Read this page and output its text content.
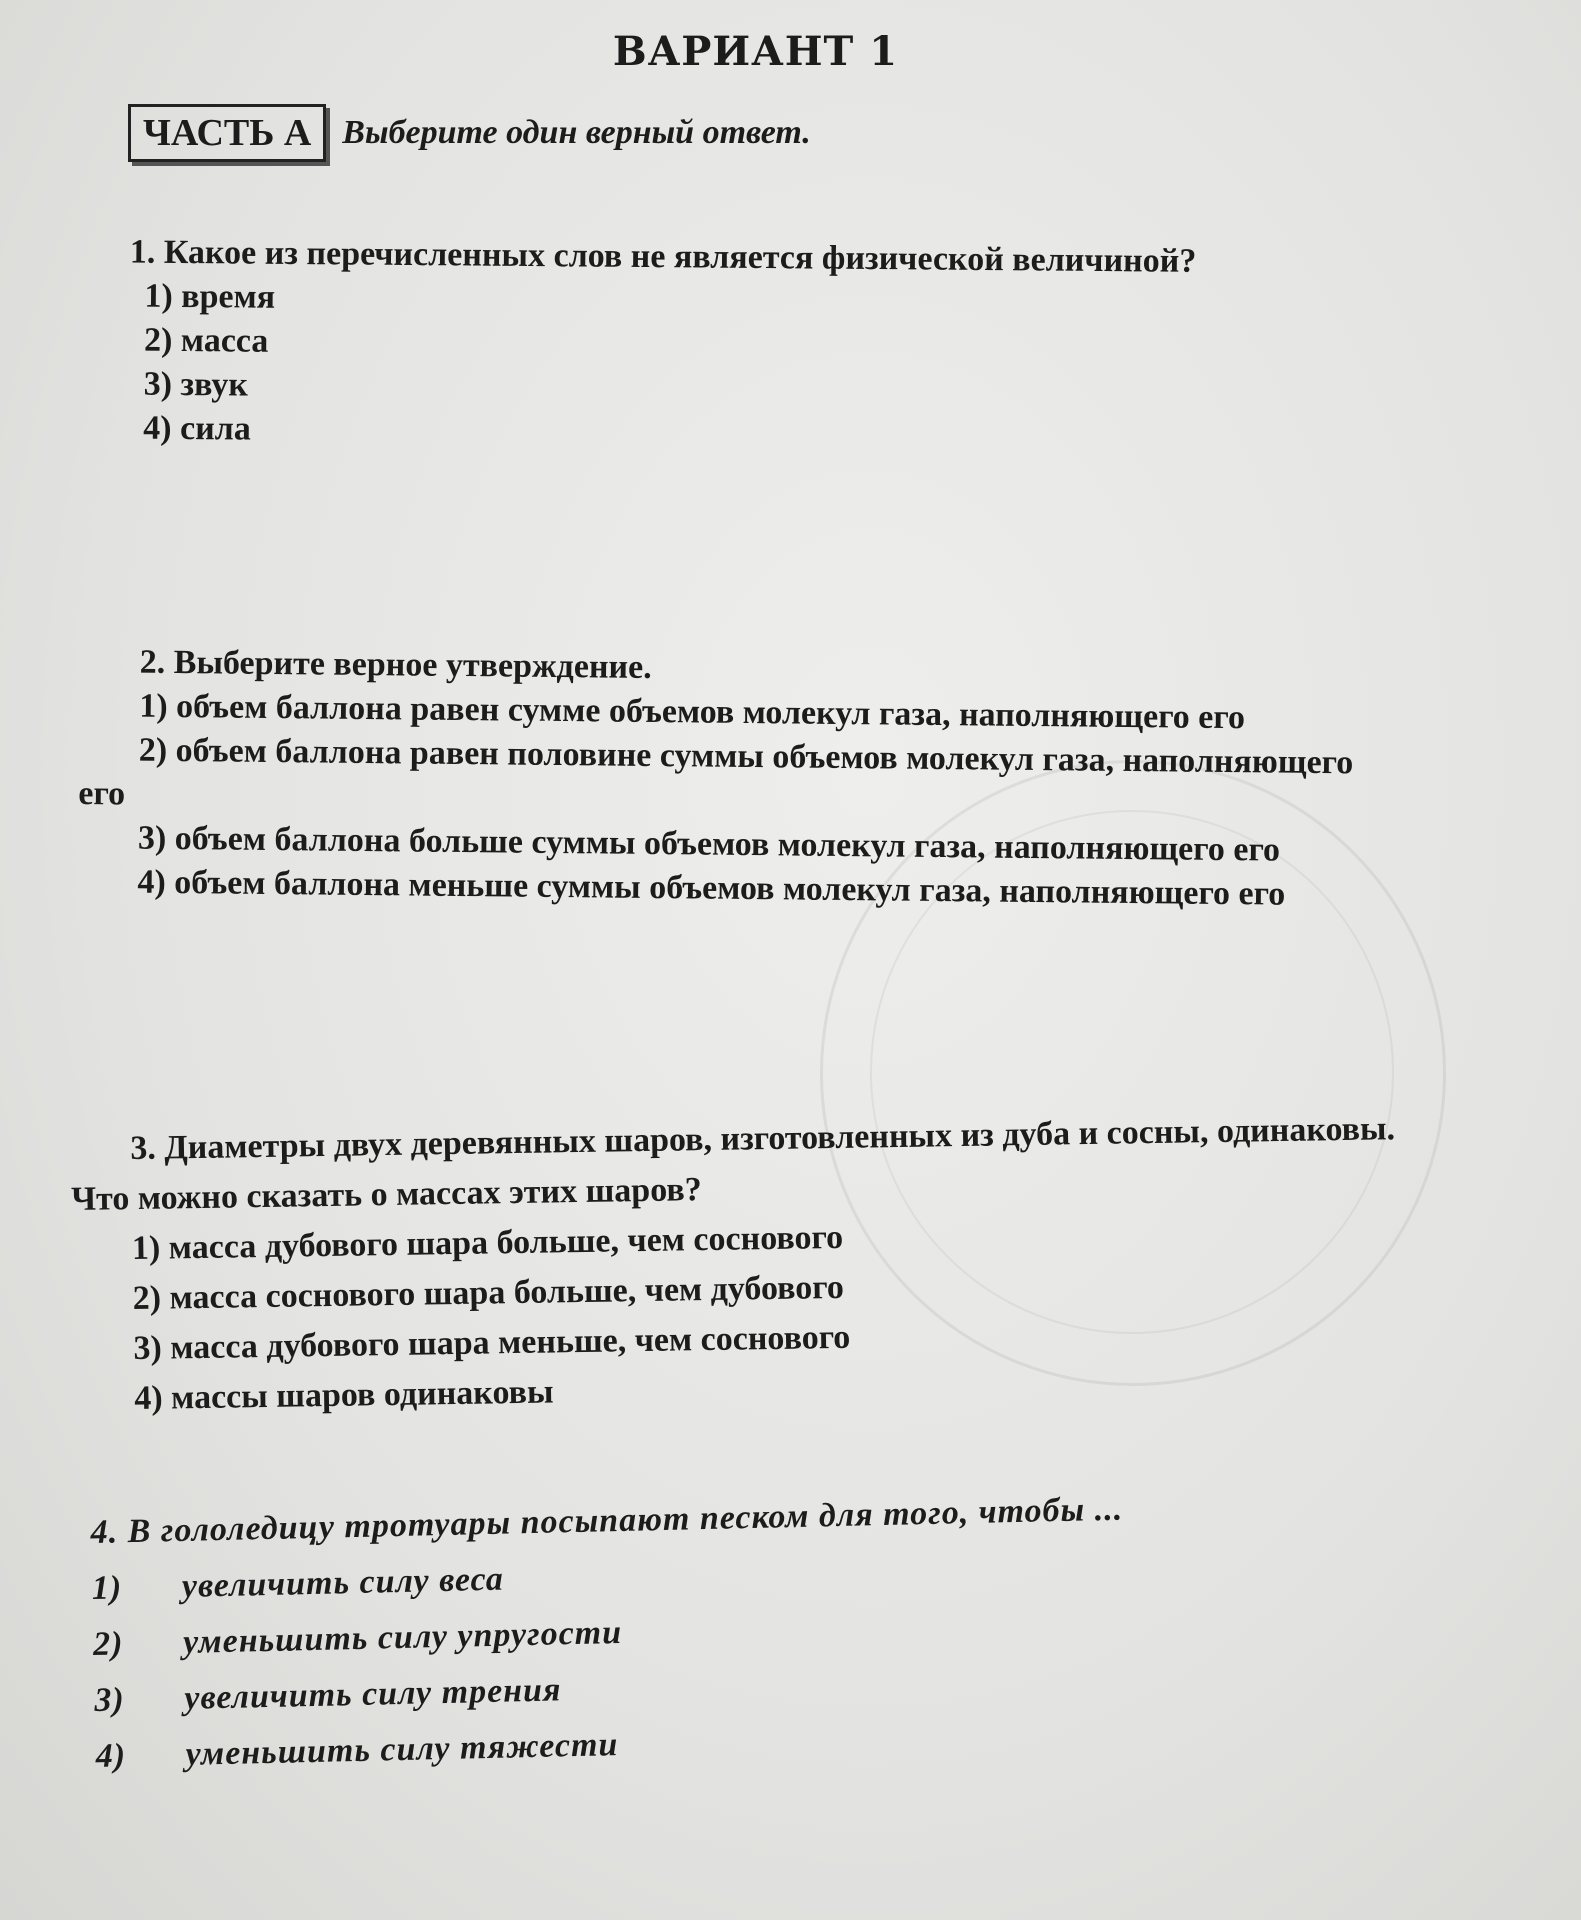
ВАРИАНТ 1
ЧАСТЬ А Выберите один верный ответ.

1. Какое из перечисленных слов не является физической величиной?

1) время

2) масса

3) звук

4) сила

2. Выберите верное утверждение.

1) объем баллона равен сумме объемов молекул газа, наполняющего его

2) объем баллона равен половине суммы объемов молекул газа, наполняющего его

3) объем баллона больше суммы объемов молекул газа, наполняющего его

4) объем баллона меньше суммы объемов молекул газа, наполняющего его

3. Диаметры двух деревянных шаров, изготовленных из дуба и сосны, одинаковы. Что можно сказать о массах этих шаров?

1) масса дубового шара больше, чем соснового

2) масса соснового шара больше, чем дубового

3) масса дубового шара меньше, чем соснового

4) массы шаров одинаковы

4. В гололедицу тротуары посыпают песком для того, чтобы ...

1)	увеличить силу веса
2)	уменьшить силу упругости
3)	увеличить силу трения
4)	уменьшить силу тяжести
